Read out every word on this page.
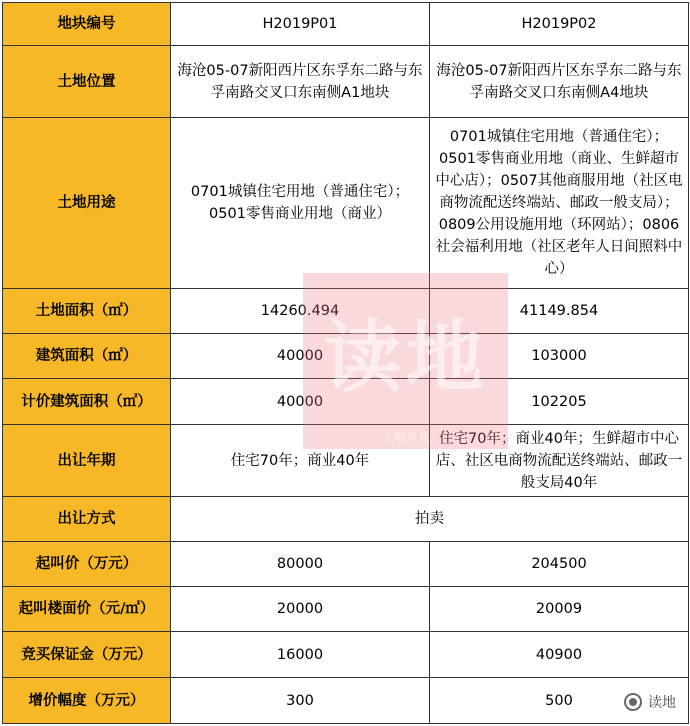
地块编号	H2019P01	H2019P02
土地位置	海沧05-07新阳西片区东孚东二路与东孚南路交叉口东南侧A1地块	海沧05-07新阳西片区东孚东二路与东孚南路交叉口东南侧A4地块
土地用途	0701城镇住宅用地（普通住宅）；0501零售商业用地（商业）	0701城镇住宅用地（普通住宅）；0501零售商业用地（商业、生鲜超市中心店）；0507其他商服用地（社区电商物流配送终端站、邮政一般支局）；0809公用设施用地（环网站）；0806社会福利用地（社区老年人日间照料中心）
土地面积（㎡）	14260.494	41149.854
建筑面积（㎡）	40000	103000
计价建筑面积（㎡）	40000	102205
出让年期	住宅70年；商业40年	住宅70年；商业40年；生鲜超市中心店、社区电商物流配送终端站、邮政一般支局40年
出让方式	拍卖	
起叫价（万元）	80000	204500
起叫楼面价（元/㎡）	20000	20009
竞买保证金（万元）	16000	40900
增价幅度（万元）	300	500
读地
土地专业
读地
